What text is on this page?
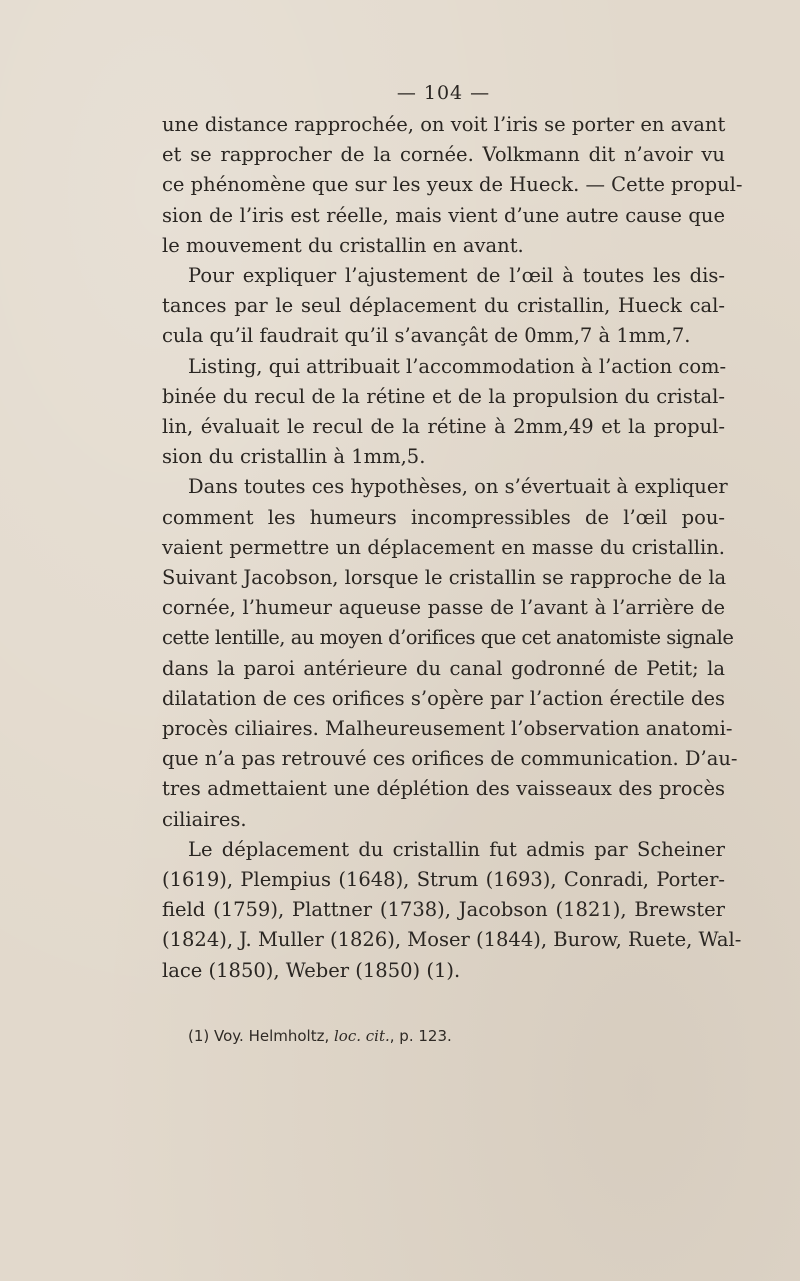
— 104 —

une distance rapprochée, on voit l’iris se porter en avant
et se rapprocher de la cornée. Volkmann dit n’avoir vu
ce phénomène que sur les yeux de Hueck. — Cette propul-
sion de l’iris est réelle, mais vient d’une autre cause que
le mouvement du cristallin en avant.

Pour expliquer l’ajustement de l’œil à toutes les dis-
tances par le seul déplacement du cristallin, Hueck cal-
cula qu’il faudrait qu’il s’avançât de 0mm,7 à 1mm,7.

Listing, qui attribuait l’accommodation à l’action com-
binée du recul de la rétine et de la propulsion du cristal-
lin, évaluait le recul de la rétine à 2mm,49 et la propul-
sion du cristallin à 1mm,5.

Dans toutes ces hypothèses, on s’évertuait à expliquer
comment les humeurs incompressibles de l’œil pou-
vaient permettre un déplacement en masse du cristallin.
Suivant Jacobson, lorsque le cristallin se rapproche de la
cornée, l’humeur aqueuse passe de l’avant à l’arrière de
cette lentille, au moyen d’orifices que cet anatomiste signale
dans la paroi antérieure du canal godronné de Petit; la
dilatation de ces orifices s’opère par l’action érectile des
procès ciliaires. Malheureusement l’observation anatomi-
que n’a pas retrouvé ces orifices de communication. D’au-
tres admettaient une déplétion des vaisseaux des procès
ciliaires.

Le déplacement du cristallin fut admis par Scheiner
(1619), Plempius (1648), Strum (1693), Conradi, Porter-
field (1759), Plattner (1738), Jacobson (1821), Brewster
(1824), J. Muller (1826), Moser (1844), Burow, Ruete, Wal-
lace (1850), Weber (1850) (1).

(1) Voy. Helmholtz, loc. cit., p. 123.
